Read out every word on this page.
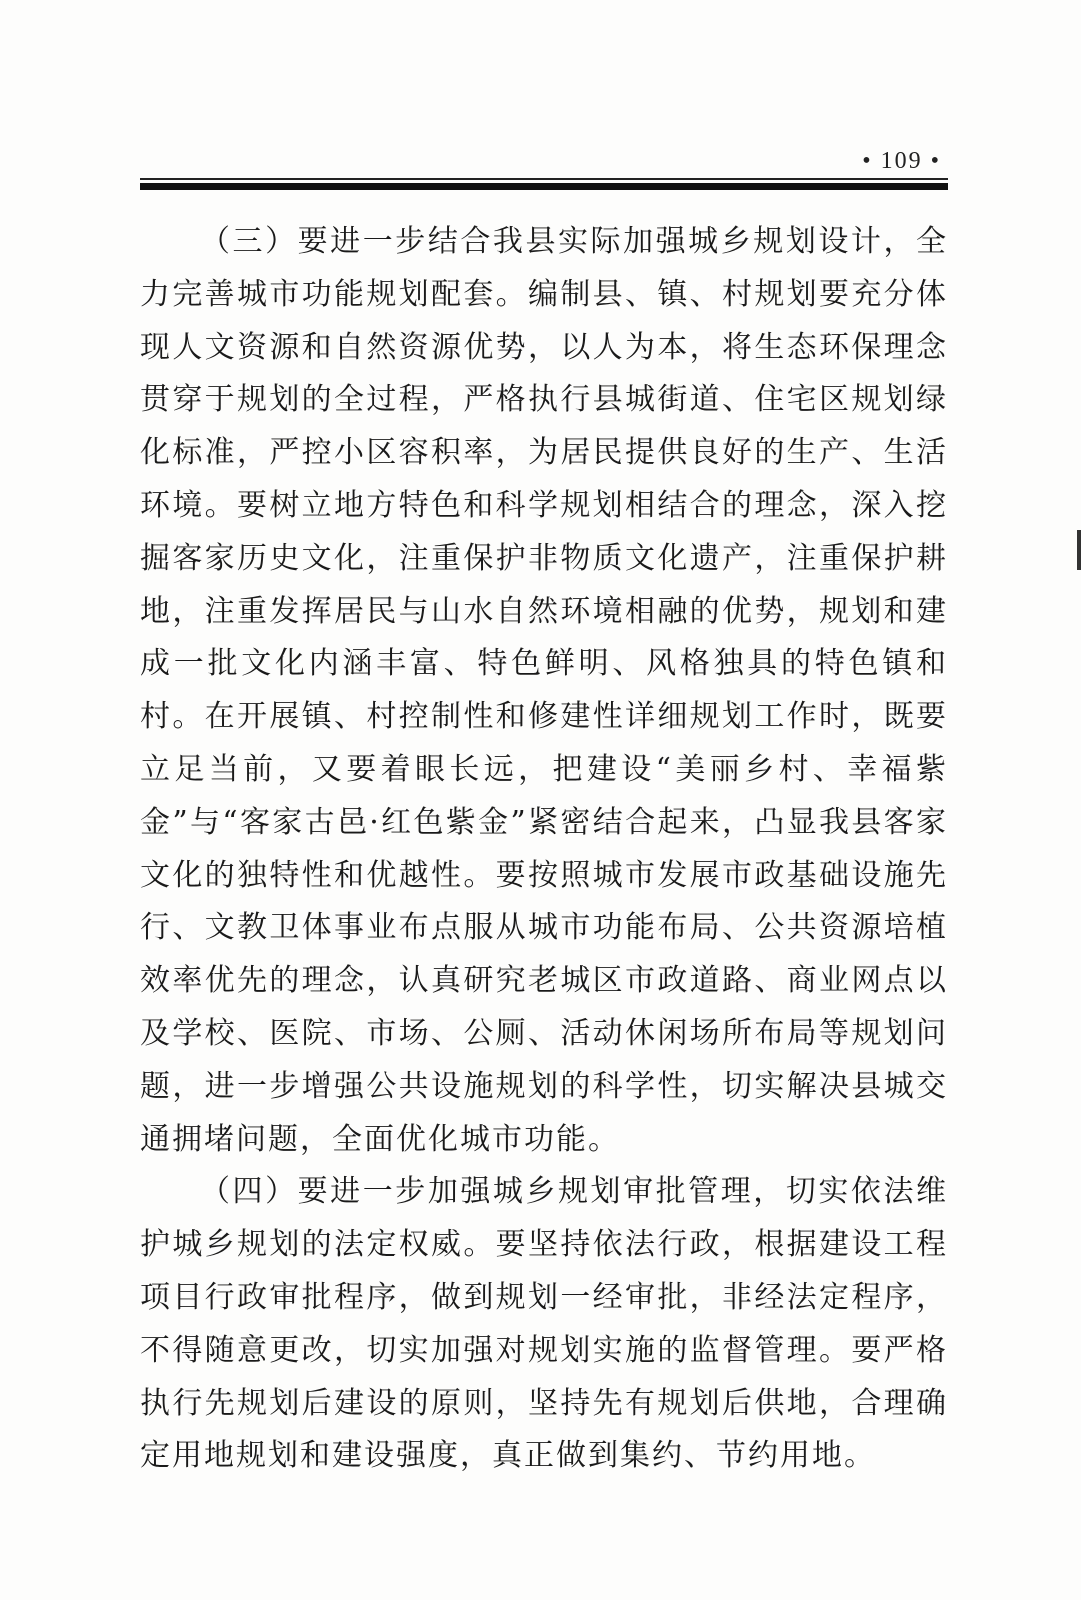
• 109 •

（三）要进一步结合我县实际加强城乡规划设计，全力完善城市功能规划配套。编制县、镇、村规划要充分体现人文资源和自然资源优势，以人为本，将生态环保理念贯穿于规划的全过程，严格执行县城街道、住宅区规划绿化标准，严控小区容积率，为居民提供良好的生产、生活环境。要树立地方特色和科学规划相结合的理念，深入挖掘客家历史文化，注重保护非物质文化遗产，注重保护耕地，注重发挥居民与山水自然环境相融的优势，规划和建成一批文化内涵丰富、特色鲜明、风格独具的特色镇和村。在开展镇、村控制性和修建性详细规划工作时，既要立足当前，又要着眼长远，把建设“美丽乡村、幸福紫金”与“客家古邑·红色紫金”紧密结合起来，凸显我县客家文化的独特性和优越性。要按照城市发展市政基础设施先行、文教卫体事业布点服从城市功能布局、公共资源培植效率优先的理念，认真研究老城区市政道路、商业网点以及学校、医院、市场、公厕、活动休闲场所布局等规划问题，进一步增强公共设施规划的科学性，切实解决县城交通拥堵问题，全面优化城市功能。

（四）要进一步加强城乡规划审批管理，切实依法维护城乡规划的法定权威。要坚持依法行政，根据建设工程项目行政审批程序，做到规划一经审批，非经法定程序，不得随意更改，切实加强对规划实施的监督管理。要严格执行先规划后建设的原则，坚持先有规划后供地，合理确定用地规划和建设强度，真正做到集约、节约用地。
